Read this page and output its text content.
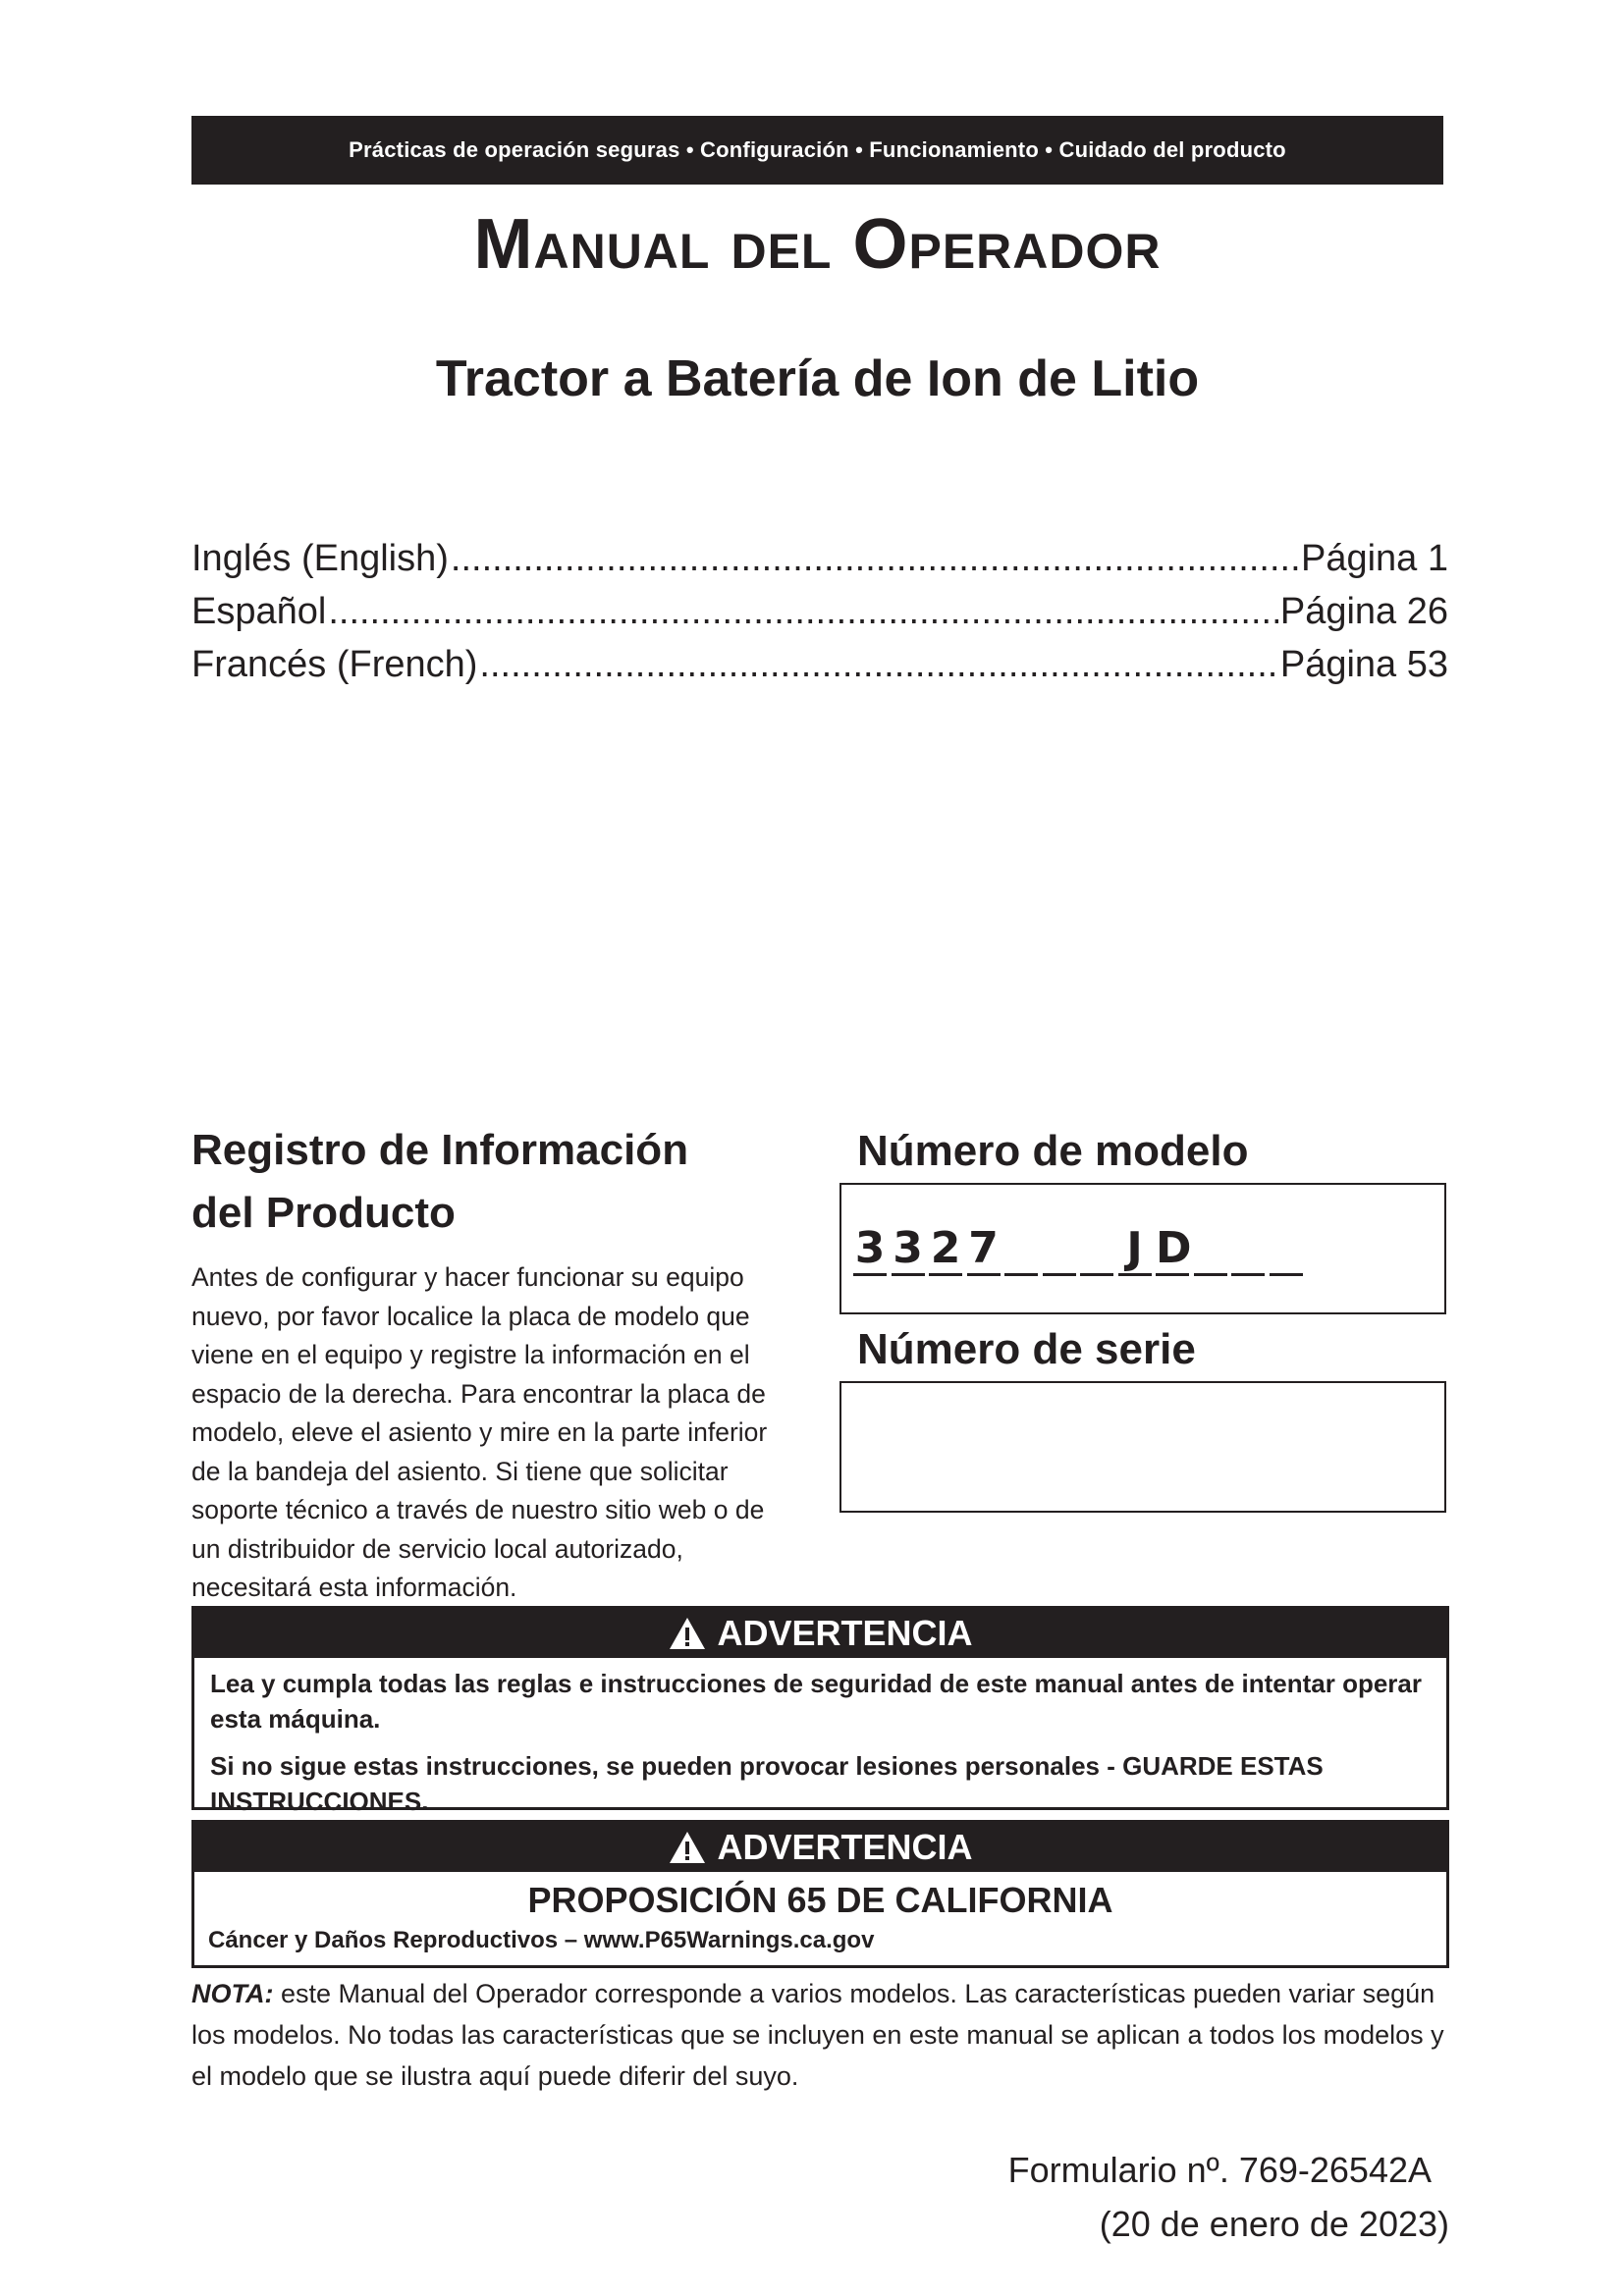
Prácticas de operación seguras • Configuración • Funcionamiento • Cuidado del producto
Manual del Operador
Tractor a Batería de Ion de Litio
Inglés (English) .....	Página 1
Español .....	Página 26
Francés (French) .....	Página 53
Registro de Información
del Producto
Antes de configurar y hacer funcionar su equipo nuevo, por favor localice la placa de modelo que viene en el equipo y registre la información en el espacio de la derecha. Para encontrar la placa de modelo, eleve el asiento y mire en la parte inferior de la bandeja del asiento. Si tiene que solicitar soporte técnico a través de nuestro sitio web o de un distribuidor de servicio local autorizado, necesitará esta información.
Número de modelo
3 3 2 7	J D
Número de serie
ADVERTENCIA

Lea y cumpla todas las reglas e instrucciones de seguridad de este manual antes de intentar operar esta máquina.

Si no sigue estas instrucciones, se pueden provocar lesiones personales - GUARDE ESTAS INSTRUCCIONES.

ADVERTENCIA
PROPOSICIÓN 65 DE CALIFORNIA
Cáncer y Daños Reproductivos – www.P65Warnings.ca.gov
NOTA: este Manual del Operador corresponde a varios modelos. Las características pueden variar según los modelos. No todas las características que se incluyen en este manual se aplican a todos los modelos y el modelo que se ilustra aquí puede diferir del suyo.
Formulario nº. 769-26542A
(20 de enero de 2023)
